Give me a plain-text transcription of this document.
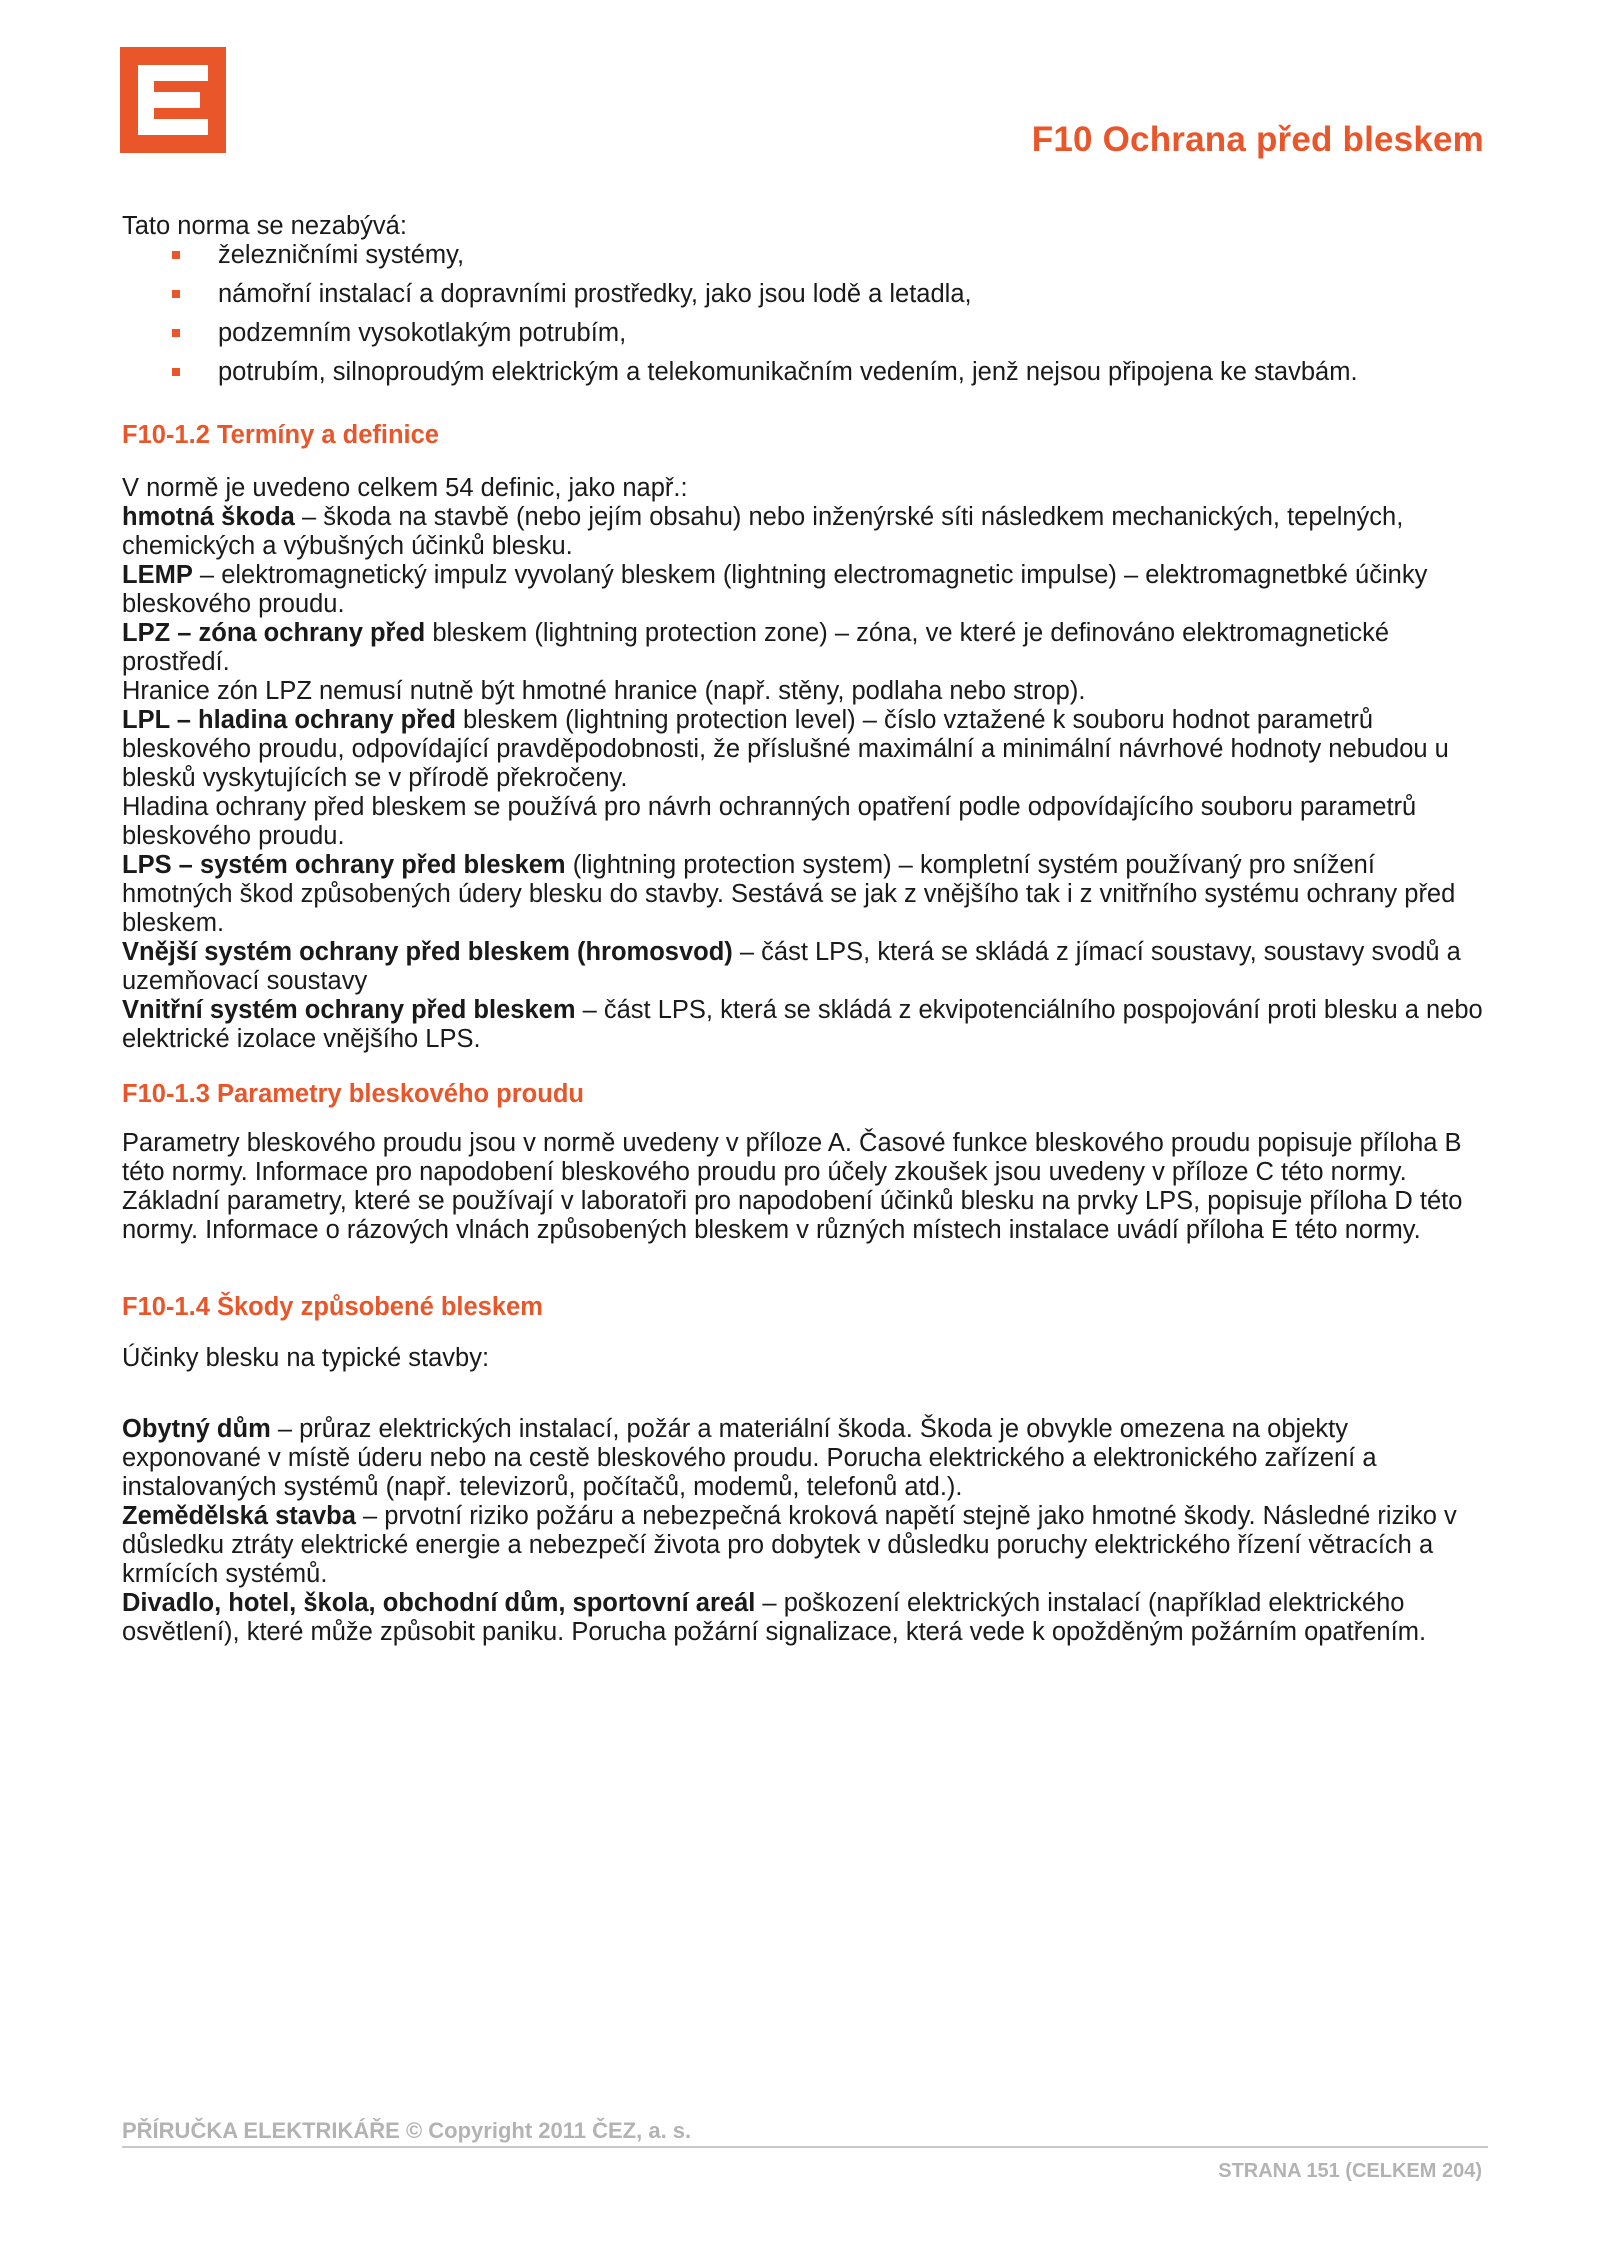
F10 Ochrana před bleskem

Tato norma se nezabývá:

železničními systémy,
námořní instalací a dopravními prostředky, jako jsou lodě a letadla,
podzemním vysokotlakým potrubím,
potrubím, silnoproudým elektrickým a telekomunikačním vedením, jenž nejsou připojena ke stavbám.

F10-1.2 Termíny a definice

V normě je uvedeno celkem 54 definic, jako např.:

hmotná škoda – škoda na stavbě (nebo jejím obsahu) nebo inženýrské síti následkem mechanických, tepelných, chemických a výbušných účinků blesku.

LEMP – elektromagnetický impulz vyvolaný bleskem (lightning electromagnetic impulse) – elektromagnetbké účinky bleskového proudu.

LPZ – zóna ochrany před bleskem (lightning protection zone) – zóna, ve které je definováno elektromagnetické prostředí.

Hranice zón LPZ nemusí nutně být hmotné hranice (např. stěny, podlaha nebo strop).

LPL – hladina ochrany před bleskem (lightning protection level) – číslo vztažené k souboru hodnot parametrů bleskového proudu, odpovídající pravděpodobnosti, že příslušné maximální a minimální návrhové hodnoty nebudou u blesků vyskytujících se v přírodě překročeny.

Hladina ochrany před bleskem se používá pro návrh ochranných opatření podle odpovídajícího souboru parametrů bleskového proudu.

LPS – systém ochrany před bleskem (lightning protection system) – kompletní systém používaný pro snížení hmotných škod způsobených údery blesku do stavby. Sestává se jak z vnějšího tak i z vnitřního systému ochrany před bleskem.

Vnější systém ochrany před bleskem (hromosvod) – část LPS, která se skládá z jímací soustavy, soustavy svodů a uzemňovací soustavy

Vnitřní systém ochrany před bleskem – část LPS, která se skládá z ekvipotenciálního pospojování proti blesku a nebo elektrické izolace vnějšího LPS.

F10-1.3 Parametry bleskového proudu

Parametry bleskového proudu jsou v normě uvedeny v příloze A. Časové funkce bleskového proudu popisuje příloha B této normy. Informace pro napodobení bleskového proudu pro účely zkoušek jsou uvedeny v příloze C této normy. Základní parametry, které se používají v laboratoři pro napodobení účinků blesku na prvky LPS, popisuje příloha D této normy. Informace o rázových vlnách způsobených bleskem v různých místech instalace uvádí příloha E této normy.

F10-1.4 Škody způsobené bleskem

Účinky blesku na typické stavby:

Obytný dům – průraz elektrických instalací, požár a materiální škoda. Škoda je obvykle omezena na objekty exponované v místě úderu nebo na cestě bleskového proudu. Porucha elektrického a elektronického zařízení a instalovaných systémů (např. televizorů, počítačů, modemů, telefonů atd.).

Zemědělská stavba – prvotní riziko požáru a nebezpečná kroková napětí stejně jako hmotné škody. Následné riziko v důsledku ztráty elektrické energie a nebezpečí života pro dobytek v důsledku poruchy elektrického řízení větracích a krmících systémů.

Divadlo, hotel, škola, obchodní dům, sportovní areál – poškození elektrických instalací (například elektrického osvětlení), které může způsobit paniku. Porucha požární signalizace, která vede k opožděným požárním opatřením.

PŘÍRUČKA ELEKTRIKÁŘE © Copyright 2011 ČEZ, a. s.
STRANA 151 (CELKEM 204)
